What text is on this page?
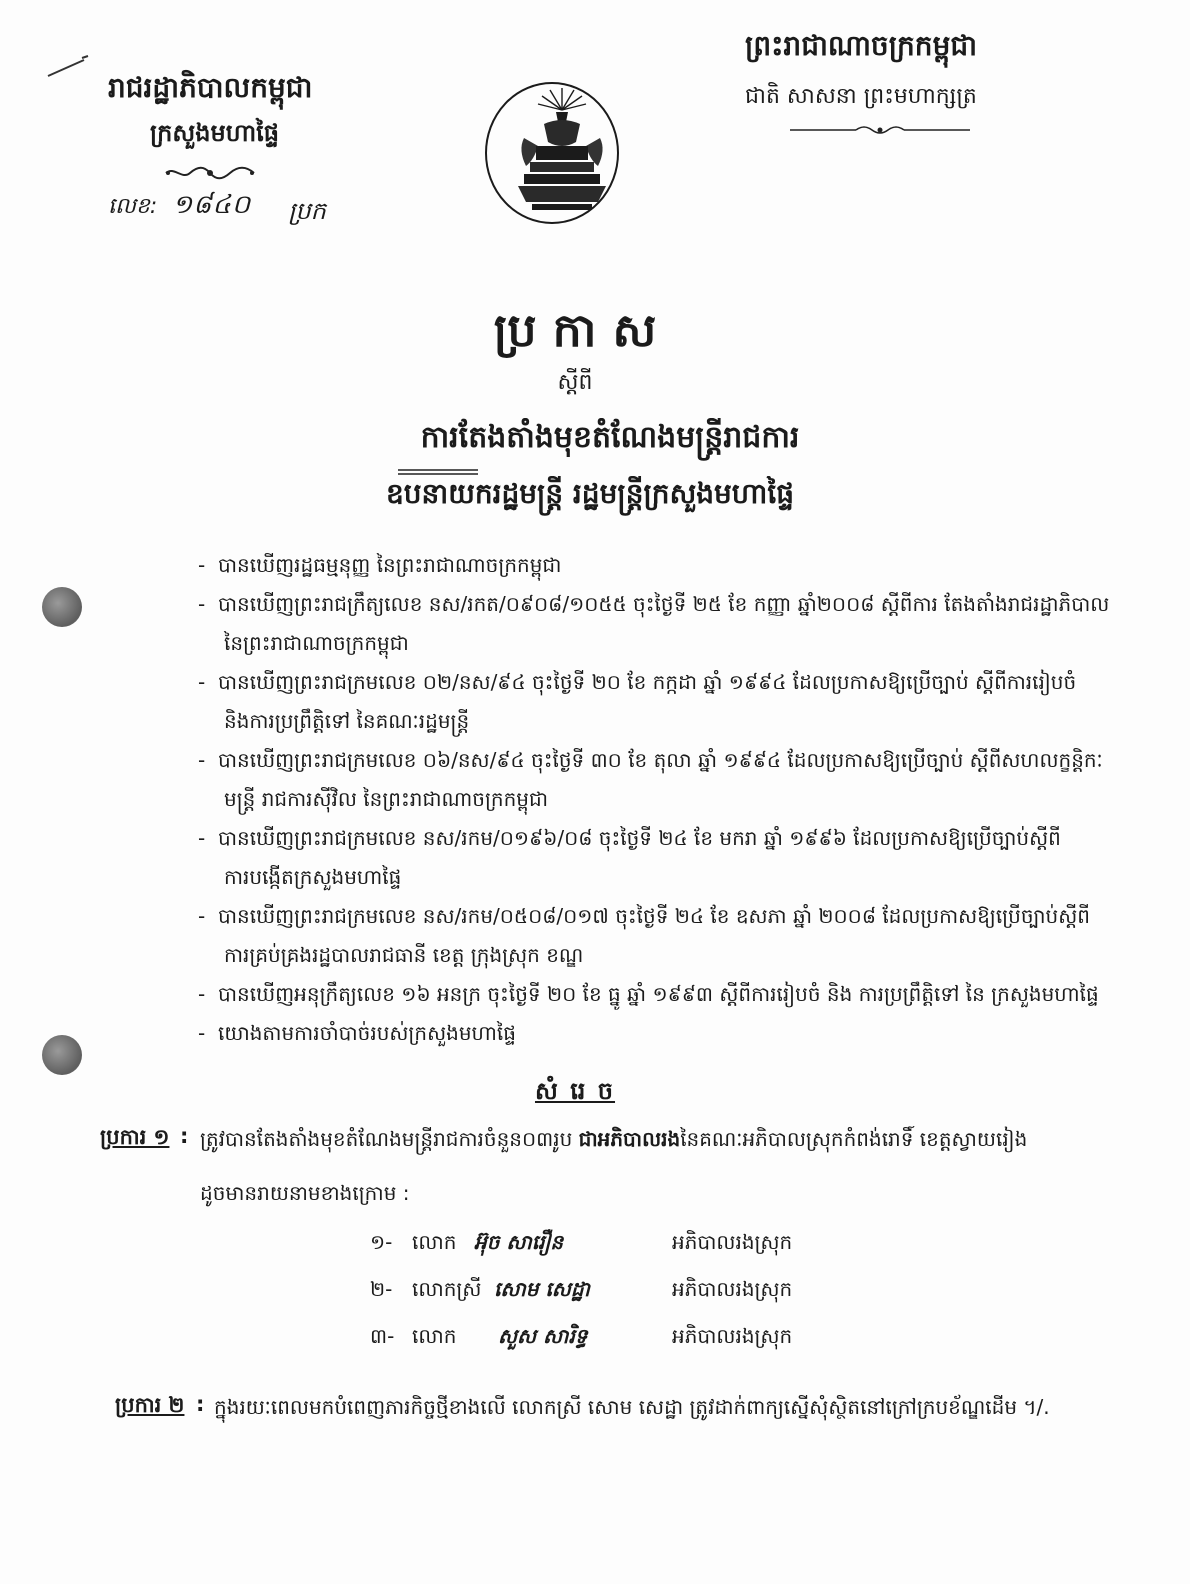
រាជរដ្ឋាភិបាលកម្ពុជា
ក្រសួងមហាផ្ទៃ
លេខ: ១៨៤០ ប្រក
ព្រះរាជាណាចក្រកម្ពុជា
ជាតិ សាសនា ព្រះមហាក្សត្រ
ប្រ កា ស
ស្តីពី
ការតែងតាំងមុខតំណែងមន្ត្រីរាជការ
ឧបនាយករដ្ឋមន្ត្រី រដ្ឋមន្ត្រីក្រសួងមហាផ្ទៃ
- បានឃើញរដ្ឋធម្មនុញ្ញ នៃព្រះរាជាណាចក្រកម្ពុជា
- បានឃើញព្រះរាជក្រឹត្យលេខ នស/រកត/០៩០៨/១០៥៥ ចុះថ្ងៃទី ២៥ ខែ កញ្ញា ឆ្នាំ២០០៨ ស្តីពីការ តែងតាំងរាជរដ្ឋាភិបាល
នៃព្រះរាជាណាចក្រកម្ពុជា
- បានឃើញព្រះរាជក្រមលេខ ០២/នស/៩៤ ចុះថ្ងៃទី ២០ ខែ កក្កដា ឆ្នាំ ១៩៩៤ ដែលប្រកាសឱ្យប្រើច្បាប់ ស្តីពីការរៀបចំ
និងការប្រព្រឹត្តិទៅ នៃគណៈរដ្ឋមន្ត្រី
- បានឃើញព្រះរាជក្រមលេខ ០៦/នស/៩៤ ចុះថ្ងៃទី ៣០ ខែ តុលា ឆ្នាំ ១៩៩៤ ដែលប្រកាសឱ្យប្រើច្បាប់ ស្តីពីសហលក្ខន្តិកៈ
មន្ត្រី រាជការស៊ីវិល នៃព្រះរាជាណាចក្រកម្ពុជា
- បានឃើញព្រះរាជក្រមលេខ នស/រកម/០១៩៦/០៨ ចុះថ្ងៃទី ២៤ ខែ មករា ឆ្នាំ ១៩៩៦ ដែលប្រកាសឱ្យប្រើច្បាប់ស្តីពី
ការបង្កើតក្រសួងមហាផ្ទៃ
- បានឃើញព្រះរាជក្រមលេខ នស/រកម/០៥០៨/០១៧ ចុះថ្ងៃទី ២៤ ខែ ឧសភា ឆ្នាំ ២០០៨ ដែលប្រកាសឱ្យប្រើច្បាប់ស្តីពី
ការគ្រប់គ្រងរដ្ឋបាលរាជធានី ខេត្ត ក្រុងស្រុក ខណ្ឌ
- បានឃើញអនុក្រឹត្យលេខ ១៦ អនក្រ ចុះថ្ងៃទី ២០ ខែ ធ្នូ ឆ្នាំ ១៩៩៣ ស្តីពីការរៀបចំ និង ការប្រព្រឹត្តិទៅ នៃ ក្រសួងមហាផ្ទៃ
- យោងតាមការចាំបាច់របស់ក្រសួងមហាផ្ទៃ
សំ រេ ច
ប្រការ ១ : ត្រូវបានតែងតាំងមុខតំណែងមន្ត្រីរាជការចំនួន០៣រូប ជាអភិបាលរងនៃគណៈអភិបាលស្រុកកំពង់រោទិ៍ ខេត្តស្វាយរៀង
ដូចមានរាយនាមខាងក្រោម :
១- លោក អ៊ុច សារឿន	អភិបាលរងស្រុក
២- លោកស្រី សោម សេដ្ឋា	អភិបាលរងស្រុក
៣- លោក សួស សារិទ្ធ	អភិបាលរងស្រុក
ប្រការ ២ : ក្នុងរយៈពេលមកបំពេញភារកិច្ចថ្មីខាងលើ លោកស្រី សោម សេដ្ឋា ត្រូវដាក់ពាក្យស្នើសុំស្ថិតនៅក្រៅក្របខ័ណ្ឌដើម ។/.
